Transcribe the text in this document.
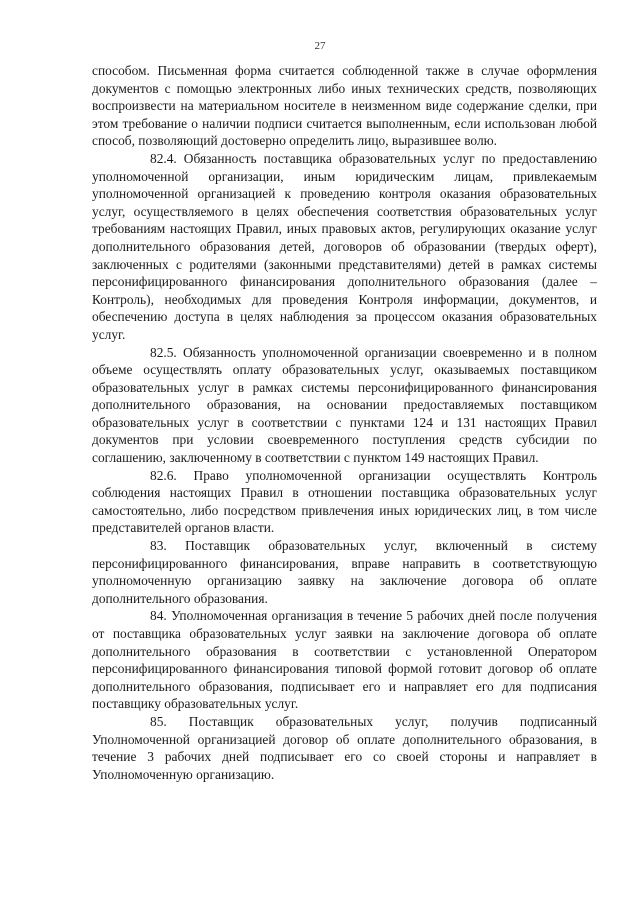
27

способом. Письменная форма считается соблюденной также в случае оформления документов с помощью электронных либо иных технических средств, позволяющих воспроизвести на материальном носителе в неизменном виде содержание сделки, при этом требование о наличии подписи считается выполненным, если использован любой способ, позволяющий достоверно определить лицо, выразившее волю.

82.4. Обязанность поставщика образовательных услуг по предоставлению уполномоченной организации, иным юридическим лицам, привлекаемым уполномоченной организацией к проведению контроля оказания образовательных услуг, осуществляемого в целях обеспечения соответствия образовательных услуг требованиям настоящих Правил, иных правовых актов, регулирующих оказание услуг дополнительного образования детей, договоров об образовании (твердых оферт), заключенных с родителями (законными представителями) детей в рамках системы персонифицированного финансирования дополнительного образования (далее – Контроль), необходимых для проведения Контроля информации, документов, и обеспечению доступа в целях наблюдения за процессом оказания образовательных услуг.

82.5. Обязанность уполномоченной организации своевременно и в полном объеме осуществлять оплату образовательных услуг, оказываемых поставщиком образовательных услуг в рамках системы персонифицированного финансирования дополнительного образования, на основании предоставляемых поставщиком образовательных услуг в соответствии с пунктами 124 и 131 настоящих Правил документов при условии своевременного поступления средств субсидии по соглашению, заключенному в соответствии с пунктом 149 настоящих Правил.

82.6. Право уполномоченной организации осуществлять Контроль соблюдения настоящих Правил в отношении поставщика образовательных услуг самостоятельно, либо посредством привлечения иных юридических лиц, в том числе представителей органов власти.

83. Поставщик образовательных услуг, включенный в систему персонифицированного финансирования, вправе направить в соответствующую уполномоченную организацию заявку на заключение договора об оплате дополнительного образования.

84. Уполномоченная организация в течение 5 рабочих дней после получения от поставщика образовательных услуг заявки на заключение договора об оплате дополнительного образования в соответствии с установленной Оператором персонифицированного финансирования типовой формой готовит договор об оплате дополнительного образования, подписывает его и направляет его для подписания поставщику образовательных услуг.

85. Поставщик образовательных услуг, получив подписанный Уполномоченной организацией договор об оплате дополнительного образования, в течение 3 рабочих дней подписывает его со своей стороны и направляет в Уполномоченную организацию.
